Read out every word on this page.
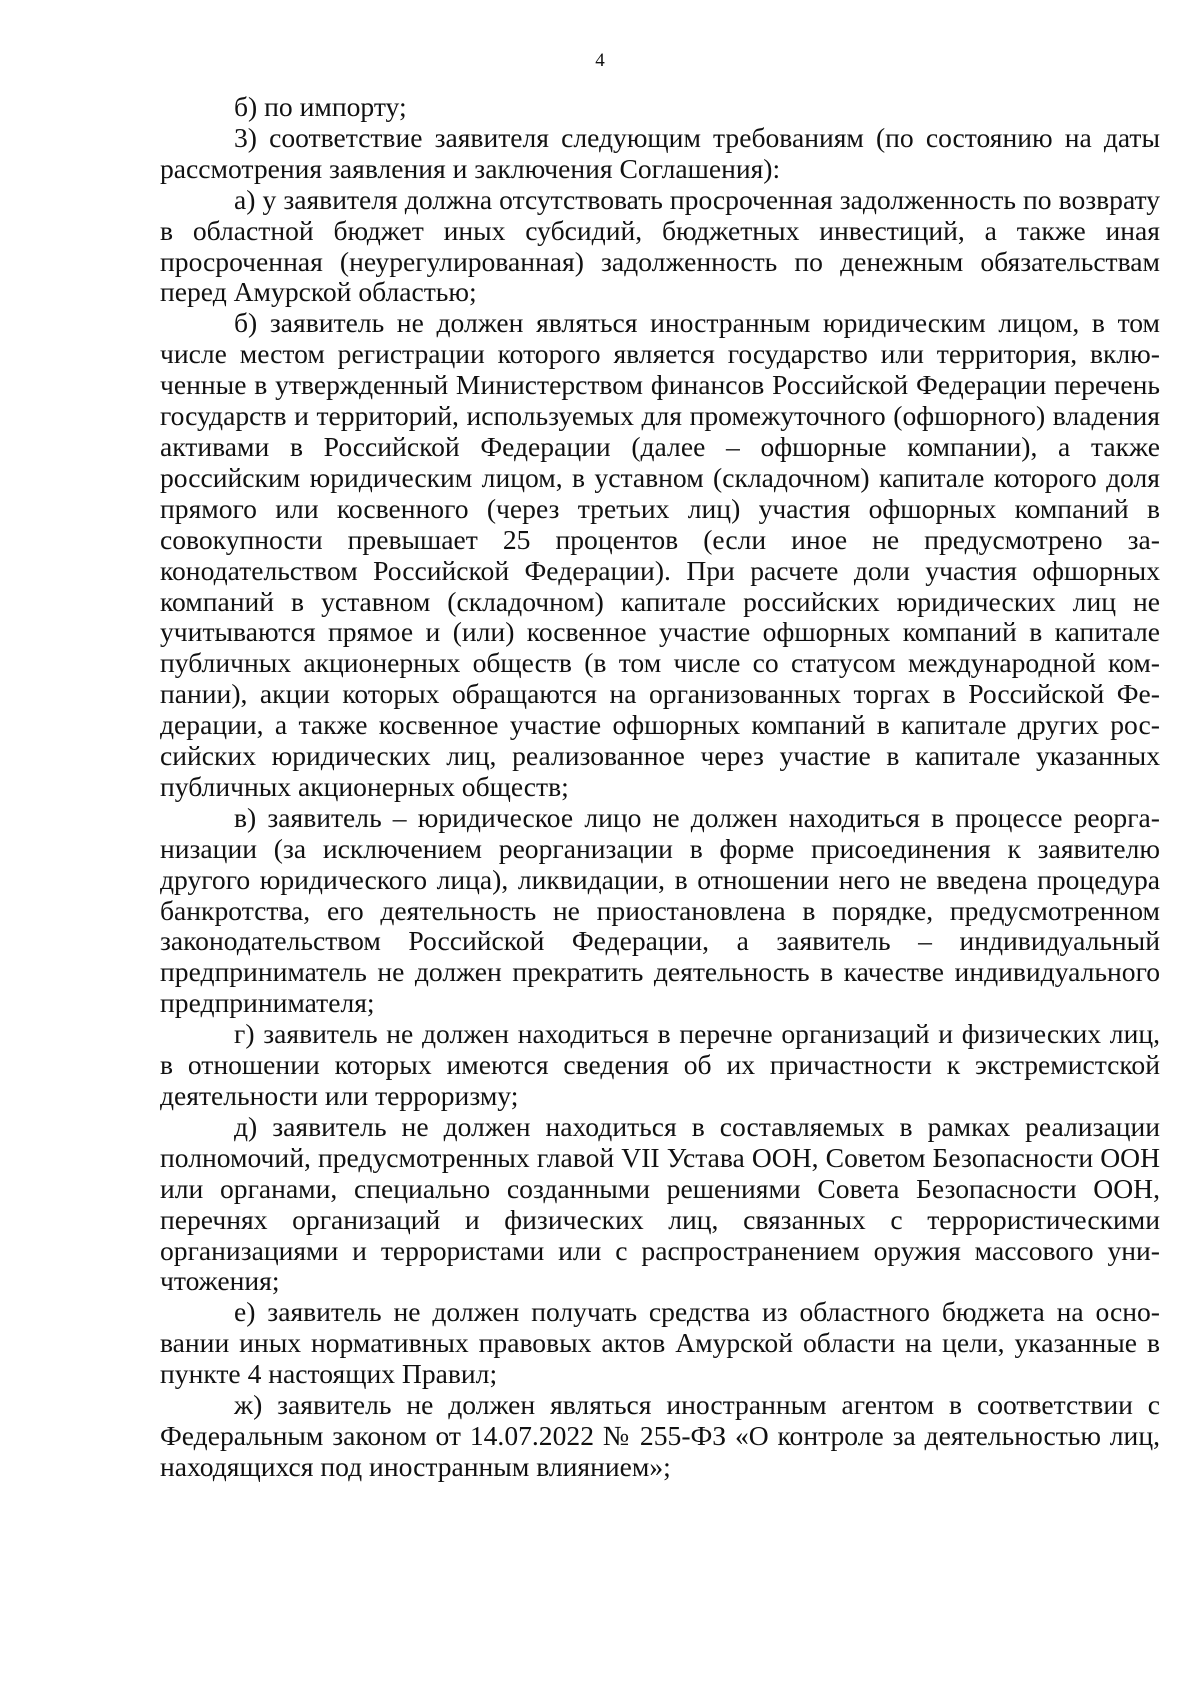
4

б) по импорту;

3) соответствие заявителя следующим требованиям (по состоянию на даты рассмотрения заявления и заключения Соглашения):

а) у заявителя должна отсутствовать просроченная задолженность по возврату в областной бюджет иных субсидий, бюджетных инвестиций, а также иная просроченная (неурегулированная) задолженность по денежным обязательствам перед Амурской областью;

б) заявитель не должен являться иностранным юридическим лицом, в том числе местом регистрации которого является государство или территория, включенные в утвержденный Министерством финансов Российской Федерации перечень государств и территорий, используемых для промежуточного (офшорного) владения активами в Российской Федерации (далее – офшорные компании), а также российским юридическим лицом, в уставном (складочном) капитале которого доля прямого или косвенного (через третьих лиц) участия офшорных компаний в совокупности превышает 25 процентов (если иное не предусмотрено законодательством Российской Федерации). При расчете доли участия офшорных компаний в уставном (складочном) капитале российских юридических лиц не учитываются прямое и (или) косвенное участие офшорных компаний в капитале публичных акционерных обществ (в том числе со статусом международной компании), акции которых обращаются на организованных торгах в Российской Федерации, а также косвенное участие офшорных компаний в капитале других российских юридических лиц, реализованное через участие в капитале указанных публичных акционерных обществ;

в) заявитель – юридическое лицо не должен находиться в процессе реорганизации (за исключением реорганизации в форме присоединения к заявителю другого юридического лица), ликвидации, в отношении него не введена процедура банкротства, его деятельность не приостановлена в порядке, предусмотренном законодательством Российской Федерации, а заявитель – индивидуальный предприниматель не должен прекратить деятельность в качестве индивидуального предпринимателя;

г) заявитель не должен находиться в перечне организаций и физических лиц, в отношении которых имеются сведения об их причастности к экстремистской деятельности или терроризму;

д) заявитель не должен находиться в составляемых в рамках реализации полномочий, предусмотренных главой VII Устава ООН, Советом Безопасности ООН или органами, специально созданными решениями Совета Безопасности ООН, перечнях организаций и физических лиц, связанных с террористическими организациями и террористами или с распространением оружия массового уничтожения;

е) заявитель не должен получать средства из областного бюджета на основании иных нормативных правовых актов Амурской области на цели, указанные в пункте 4 настоящих Правил;

ж) заявитель не должен являться иностранным агентом в соответствии с Федеральным законом от 14.07.2022 № 255-ФЗ «О контроле за деятельностью лиц, находящихся под иностранным влиянием»;
